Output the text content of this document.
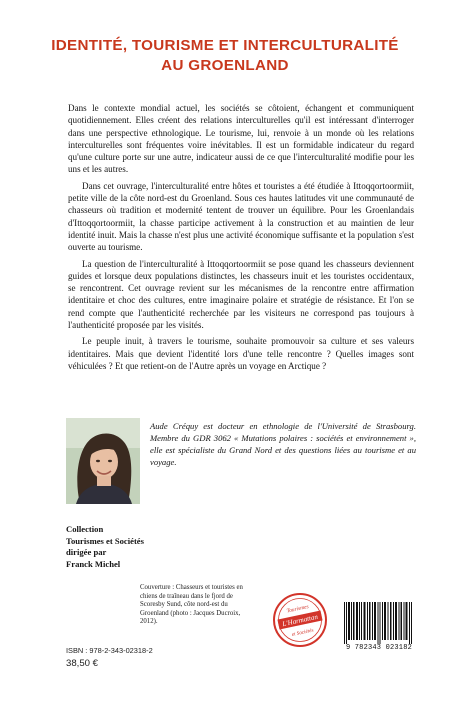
IDENTITÉ, TOURISME ET INTERCULTURALITÉ
AU GROENLAND

Dans le contexte mondial actuel, les sociétés se côtoient, échangent et communiquent quotidiennement. Elles créent des relations interculturelles qu'il est intéressant d'interroger dans une perspective ethnologique. Le tourisme, lui, renvoie à un monde où les relations interculturelles sont fréquentes voire inévitables. Il est un formidable indicateur du regard qu'une culture porte sur une autre, indicateur aussi de ce que l'interculturalité modifie pour les uns et les autres.

Dans cet ouvrage, l'interculturalité entre hôtes et touristes a été étudiée à Ittoqqortoormiit, petite ville de la côte nord-est du Groenland. Sous ces hautes latitudes vit une communauté de chasseurs où tradition et modernité tentent de trouver un équilibre. Pour les Groenlandais d'Ittoqqortoormiit, la chasse participe activement à la construction et au maintien de leur identité inuit. Mais la chasse n'est plus une activité économique suffisante et la population s'est ouverte au tourisme.

La question de l'interculturalité à Ittoqqortoormiit se pose quand les chasseurs deviennent guides et lorsque deux populations distinctes, les chasseurs inuit et les touristes occidentaux, se rencontrent. Cet ouvrage revient sur les mécanismes de la rencontre entre affirmation identitaire et choc des cultures, entre imaginaire polaire et stratégie de résistance. Et l'on se rend compte que l'authenticité recherchée par les visiteurs ne correspond pas toujours à l'authenticité proposée par les visités.

Le peuple inuit, à travers le tourisme, souhaite promouvoir sa culture et ses valeurs identitaires. Mais que devient l'identité lors d'une telle rencontre ? Quelles images sont véhiculées ? Et que retient-on de l'Autre après un voyage en Arctique ?

Aude Créquy est docteur en ethnologie de l'Université de Strasbourg. Membre du GDR 3062 « Mutations polaires : sociétés et environnement », elle est spécialiste du Grand Nord et des questions liées au tourisme et au voyage.
Collection
Tourismes et Sociétés
dirigée par
Franck Michel
Couverture : Chasseurs et touristes en chiens de traîneau dans le fjord de Scoresby Sund, côte nord-est du Groenland (photo : Jacques Ducroix, 2012).
ISBN : 978-2-343-02318-2
38,50 €
L'Harmattan
Tourismes
et Sociétés
9 782343 023182
